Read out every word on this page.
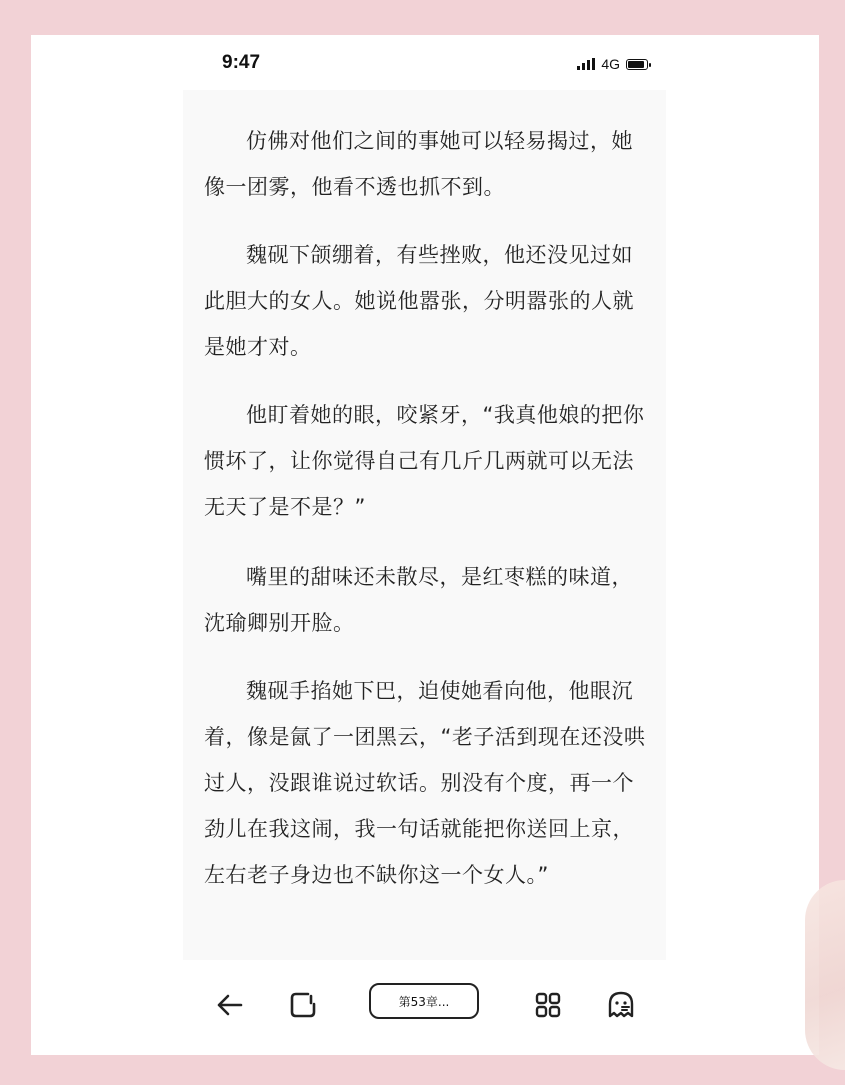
9:47	4G

仿佛对他们之间的事她可以轻易揭过，她像一团雾，他看不透也抓不到。

魏砚下颌绷着，有些挫败，他还没见过如此胆大的女人。她说他嚣张，分明嚣张的人就是她才对。

他盯着她的眼，咬紧牙，“我真他娘的把你惯坏了，让你觉得自己有几斤几两就可以无法无天了是不是？”

嘴里的甜味还未散尽，是红枣糕的味道，沈瑜卿别开脸。

魏砚手掐她下巴，迫使她看向他，他眼沉着，像是氤了一团黑云，“老子活到现在还没哄过人，没跟谁说过软话。别没有个度，再一个劲儿在我这闹，我一句话就能把你送回上京，左右老子身边也不缺你这一个女人。”

第53章...
